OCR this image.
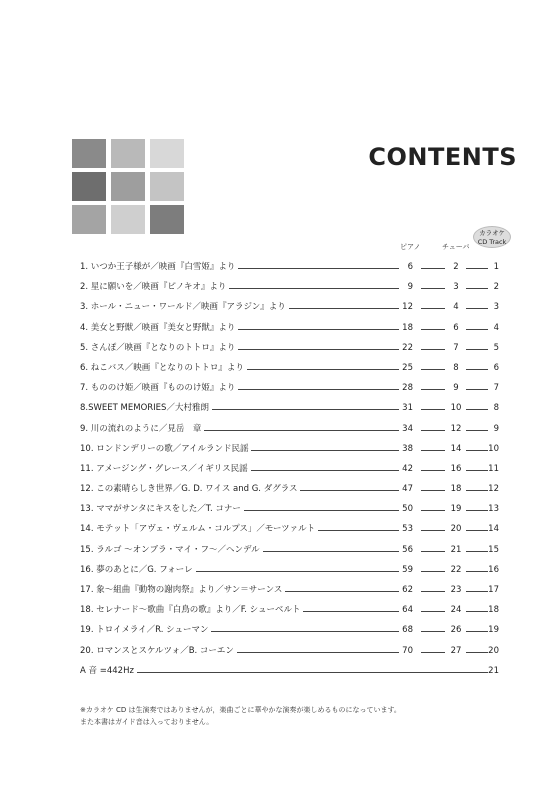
CONTENTS
ピアノ	チューバ
カラオケ
CD Track
1. いつか王子様が／映画『白雪姫』より	6	2	1
2. 星に願いを／映画『ピノキオ』より	9	3	2
3. ホール・ニュー・ワールド／映画『アラジン』より	12	4	3
4. 美女と野獣／映画『美女と野獣』より	18	6	4
5. さんぽ／映画『となりのトトロ』より	22	7	5
6. ねこバス／映画『となりのトトロ』より	25	8	6
7. もののけ姫／映画『もののけ姫』より	28	9	7
8.SWEET MEMORIES／大村雅朗	31	10	8
9. 川の流れのように／見岳　章	34	12	9
10. ロンドンデリーの歌／アイルランド民謡	38	14	10
11. アメージング・グレース／イギリス民謡	42	16	11
12. この素晴らしき世界／G. D. ワイス and G. ダグラス	47	18	12
13. ママがサンタにキスをした／T. コナー	50	19	13
14. モテット「アヴェ・ヴェルム・コルプス」／モーツァルト	53	20	14
15. ラルゴ ～オンブラ・マイ・フ～／ヘンデル	56	21	15
16. 夢のあとに／G. フォーレ	59	22	16
17. 象～組曲『動物の謝肉祭』より／サン＝サーンス	62	23	17
18. セレナード～歌曲『白鳥の歌』より／F. シューベルト	64	24	18
19. トロイメライ／R. シューマン	68	26	19
20. ロマンスとスケルツォ／B. コーエン	70	27	20
A 音 =442Hz	21
※カラオケ CD は生演奏ではありませんが，楽曲ごとに華やかな演奏が楽しめるものになっています。
また本書はガイド音は入っておりません。
